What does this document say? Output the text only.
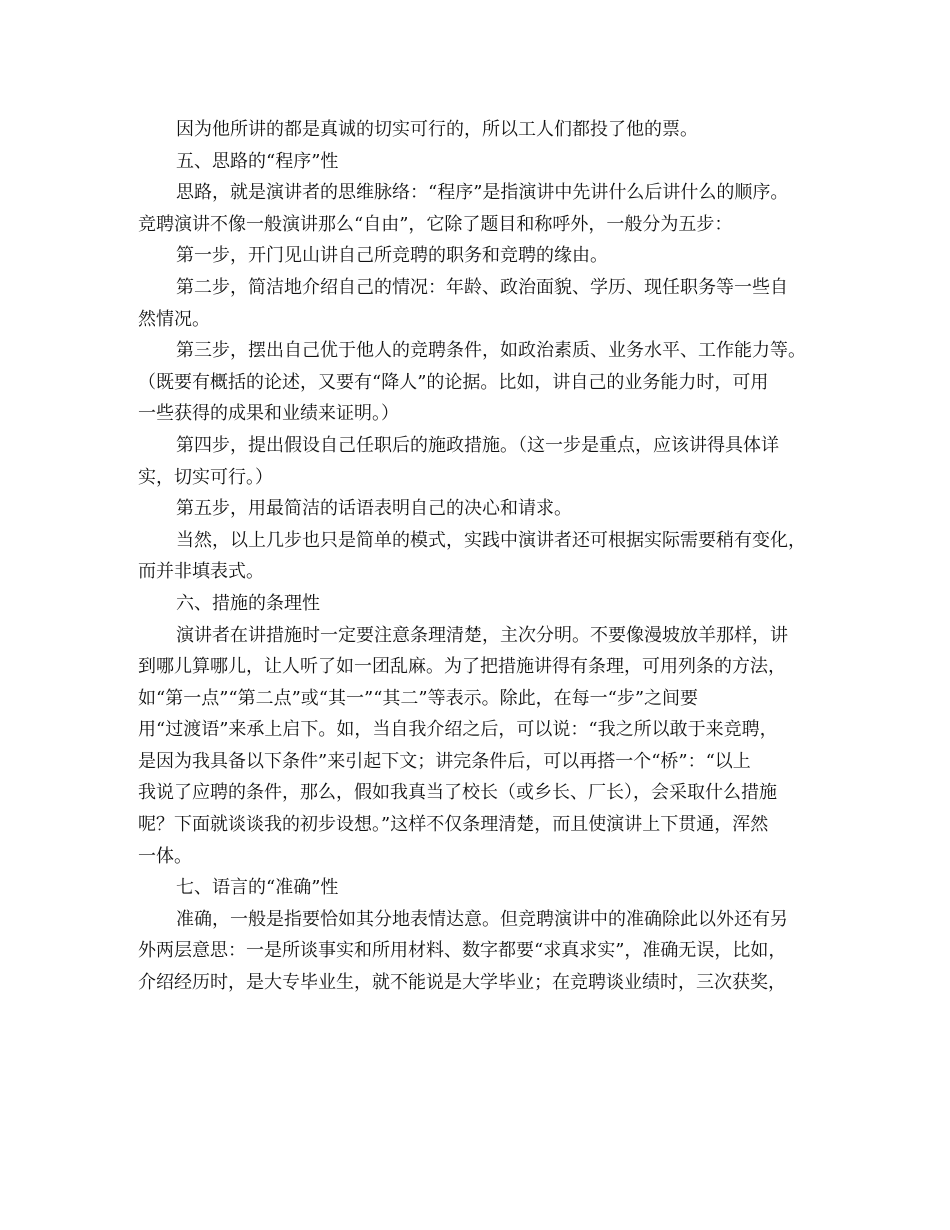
因为他所讲的都是真诚的切实可行的，所以工人们都投了他的票。
五、思路的“程序”性
思路，就是演讲者的思维脉络：“程序”是指演讲中先讲什么后讲什么的顺序。
竞聘演讲不像一般演讲那么“自由”，它除了题目和称呼外，一般分为五步：
第一步，开门见山讲自己所竞聘的职务和竞聘的缘由。
第二步，简洁地介绍自己的情况：年龄、政治面貌、学历、现任职务等一些自
然情况。
第三步，摆出自己优于他人的竞聘条件，如政治素质、业务水平、工作能力等。
（既要有概括的论述，又要有“降人”的论据。比如，讲自己的业务能力时，可用
一些获得的成果和业绩来证明。）
第四步，提出假设自己任职后的施政措施。（这一步是重点，应该讲得具体详
实，切实可行。）
第五步，用最简洁的话语表明自己的决心和请求。
当然，以上几步也只是简单的模式，实践中演讲者还可根据实际需要稍有变化，
而并非填表式。
六、措施的条理性
演讲者在讲措施时一定要注意条理清楚，主次分明。不要像漫坡放羊那样，讲
到哪儿算哪儿，让人听了如一团乱麻。为了把措施讲得有条理，可用列条的方法，
如“第一点”“第二点”或“其一”“其二”等表示。除此，在每一“步”之间要
用“过渡语”来承上启下。如，当自我介绍之后，可以说：“我之所以敢于来竞聘，
是因为我具备以下条件”来引起下文；讲完条件后，可以再搭一个“桥”：“以上
我说了应聘的条件，那么，假如我真当了校长（或乡长、厂长），会采取什么措施
呢？下面就谈谈我的初步设想。”这样不仅条理清楚，而且使演讲上下贯通，浑然
一体。
七、语言的“准确”性
准确，一般是指要恰如其分地表情达意。但竞聘演讲中的准确除此以外还有另
外两层意思：一是所谈事实和所用材料、数字都要“求真求实”，准确无误，比如，
介绍经历时，是大专毕业生，就不能说是大学毕业；在竞聘谈业绩时，三次获奖，
